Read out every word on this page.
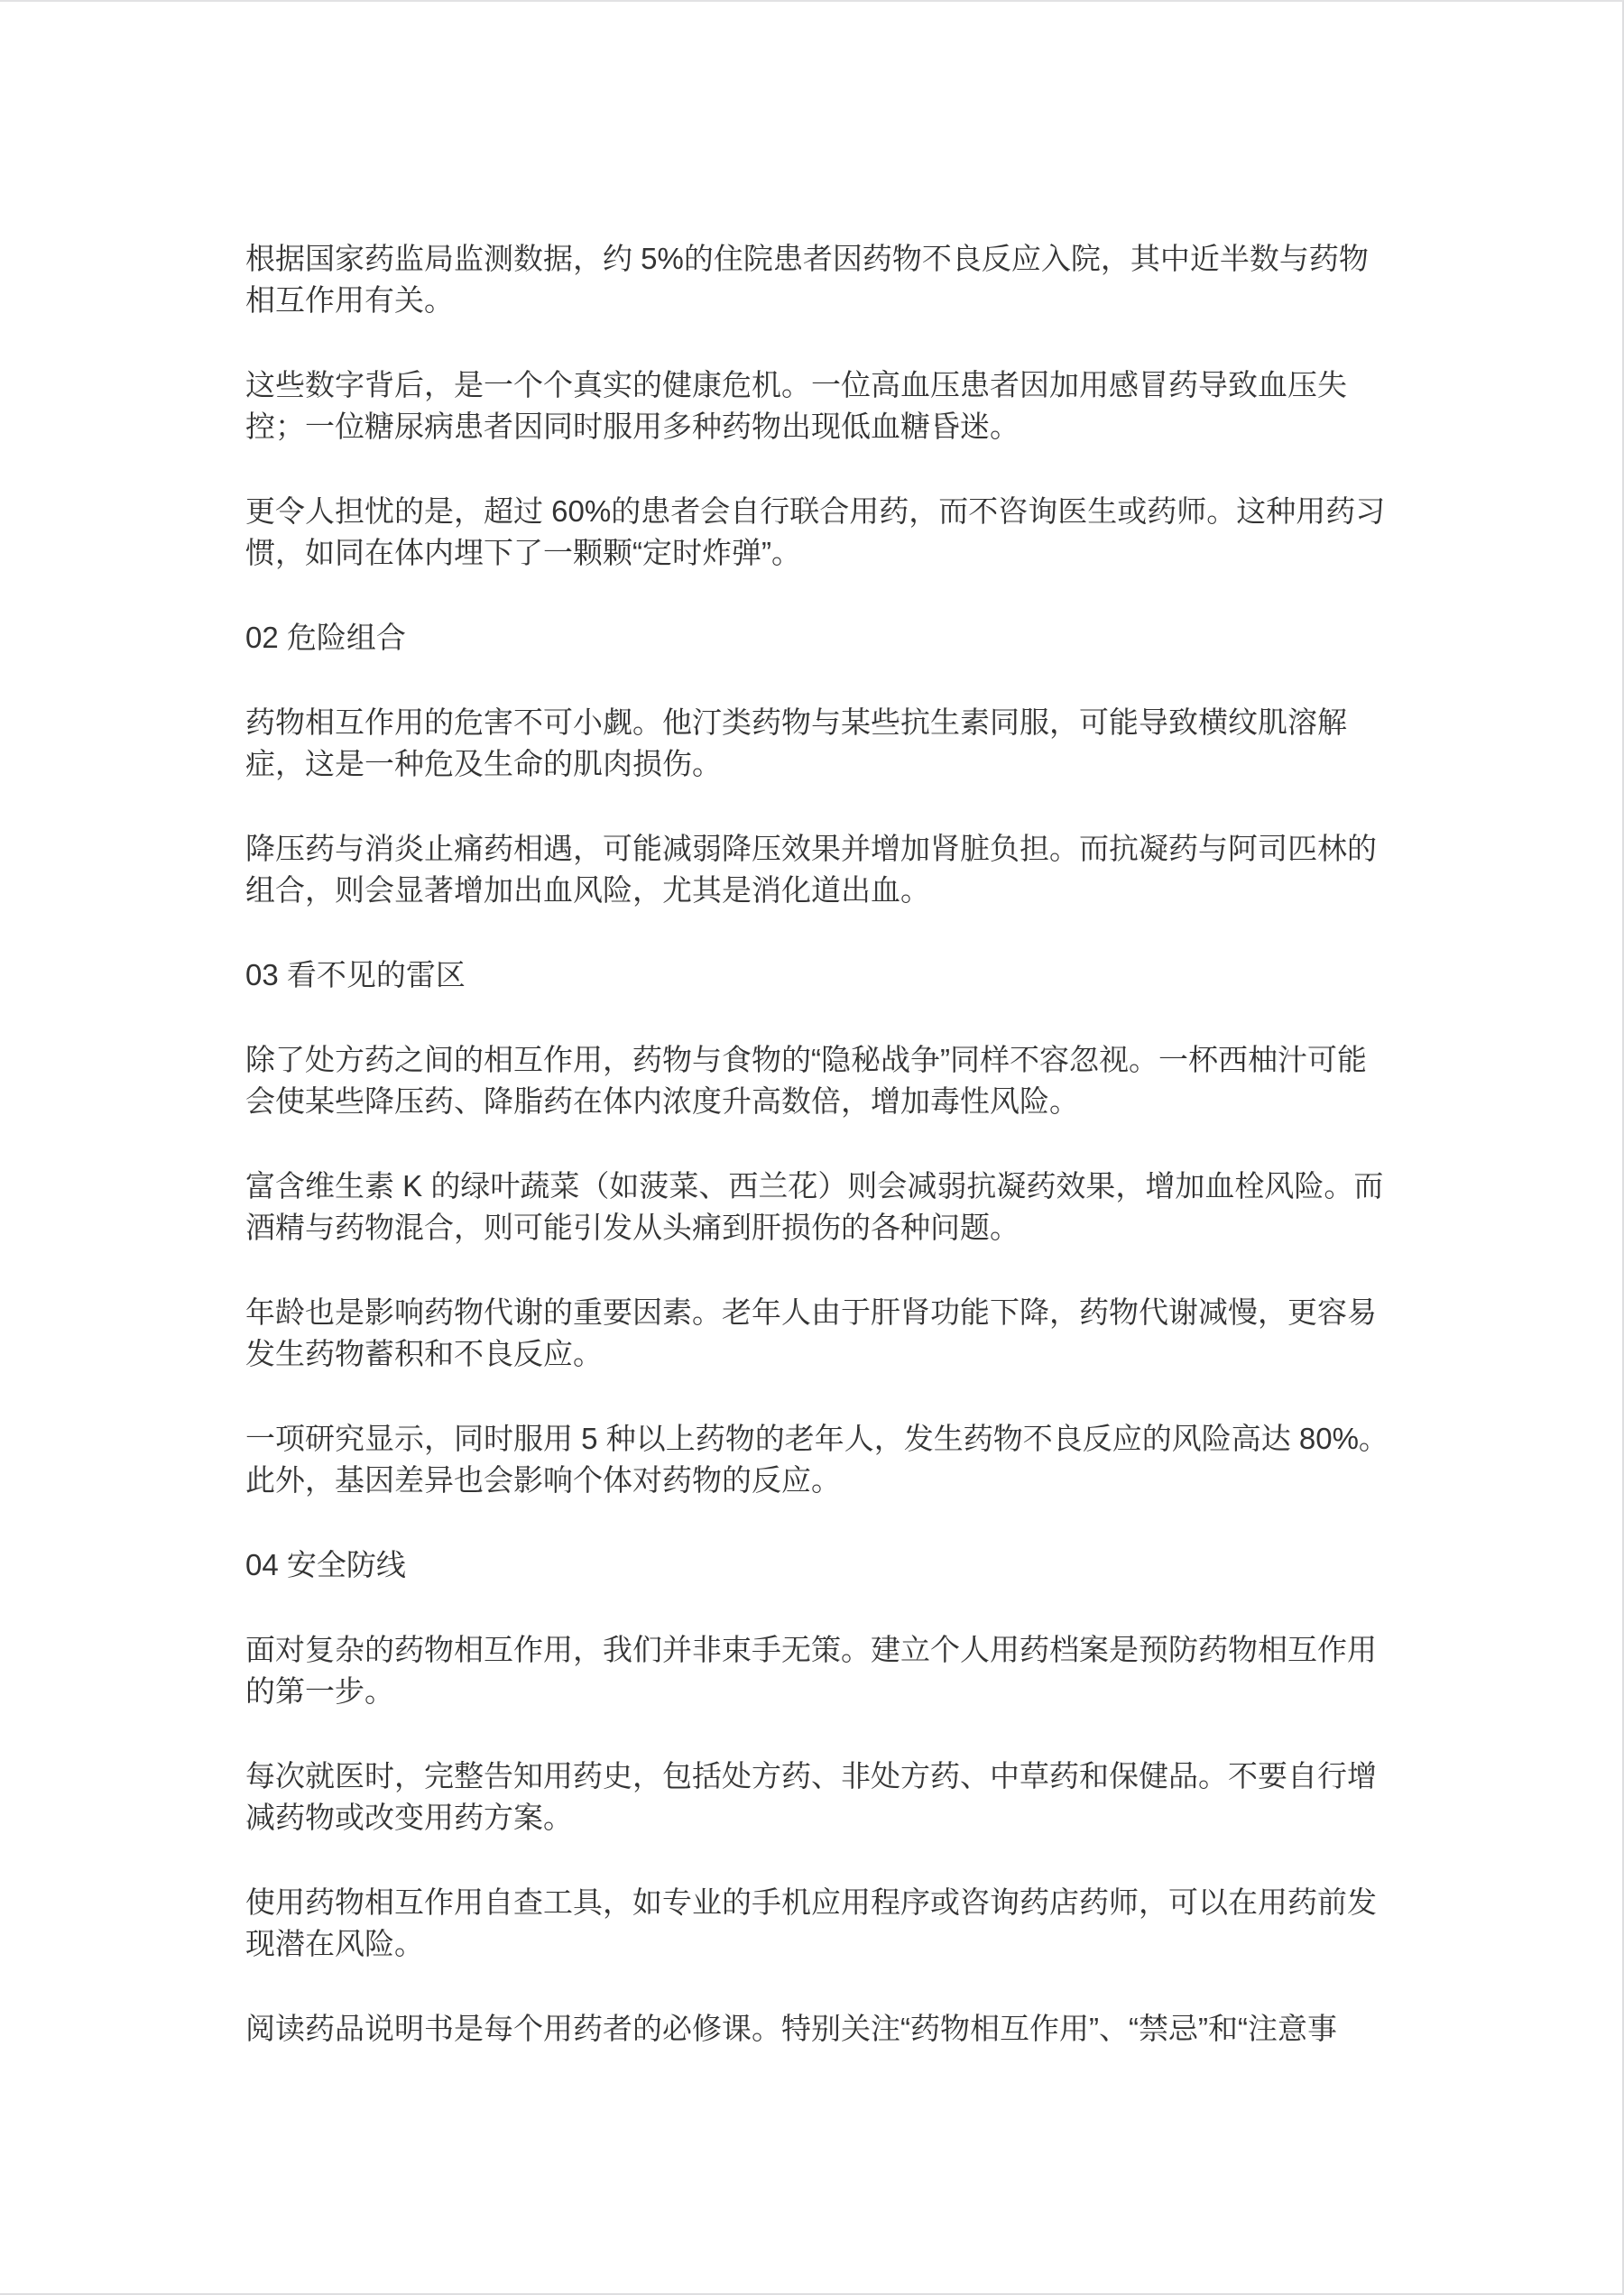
根据国家药监局监测数据，约 5%的住院患者因药物不良反应入院，其中近半数与药物相互作用有关。

这些数字背后，是一个个真实的健康危机。一位高血压患者因加用感冒药导致血压失控；一位糖尿病患者因同时服用多种药物出现低血糖昏迷。

更令人担忧的是，超过 60%的患者会自行联合用药，而不咨询医生或药师。这种用药习惯，如同在体内埋下了一颗颗“定时炸弹”。

02 危险组合

药物相互作用的危害不可小觑。他汀类药物与某些抗生素同服，可能导致横纹肌溶解症，这是一种危及生命的肌肉损伤。

降压药与消炎止痛药相遇，可能减弱降压效果并增加肾脏负担。而抗凝药与阿司匹林的组合，则会显著增加出血风险，尤其是消化道出血。

03 看不见的雷区

除了处方药之间的相互作用，药物与食物的“隐秘战争”同样不容忽视。一杯西柚汁可能会使某些降压药、降脂药在体内浓度升高数倍，增加毒性风险。

富含维生素 K 的绿叶蔬菜（如菠菜、西兰花）则会减弱抗凝药效果，增加血栓风险。而酒精与药物混合，则可能引发从头痛到肝损伤的各种问题。

年龄也是影响药物代谢的重要因素。老年人由于肝肾功能下降，药物代谢减慢，更容易发生药物蓄积和不良反应。

一项研究显示，同时服用 5 种以上药物的老年人，发生药物不良反应的风险高达 80%。此外，基因差异也会影响个体对药物的反应。

04 安全防线

面对复杂的药物相互作用，我们并非束手无策。建立个人用药档案是预防药物相互作用的第一步。

每次就医时，完整告知用药史，包括处方药、非处方药、中草药和保健品。不要自行增减药物或改变用药方案。

使用药物相互作用自查工具，如专业的手机应用程序或咨询药店药师，可以在用药前发现潜在风险。

阅读药品说明书是每个用药者的必修课。特别关注“药物相互作用”、“禁忌”和“注意事
